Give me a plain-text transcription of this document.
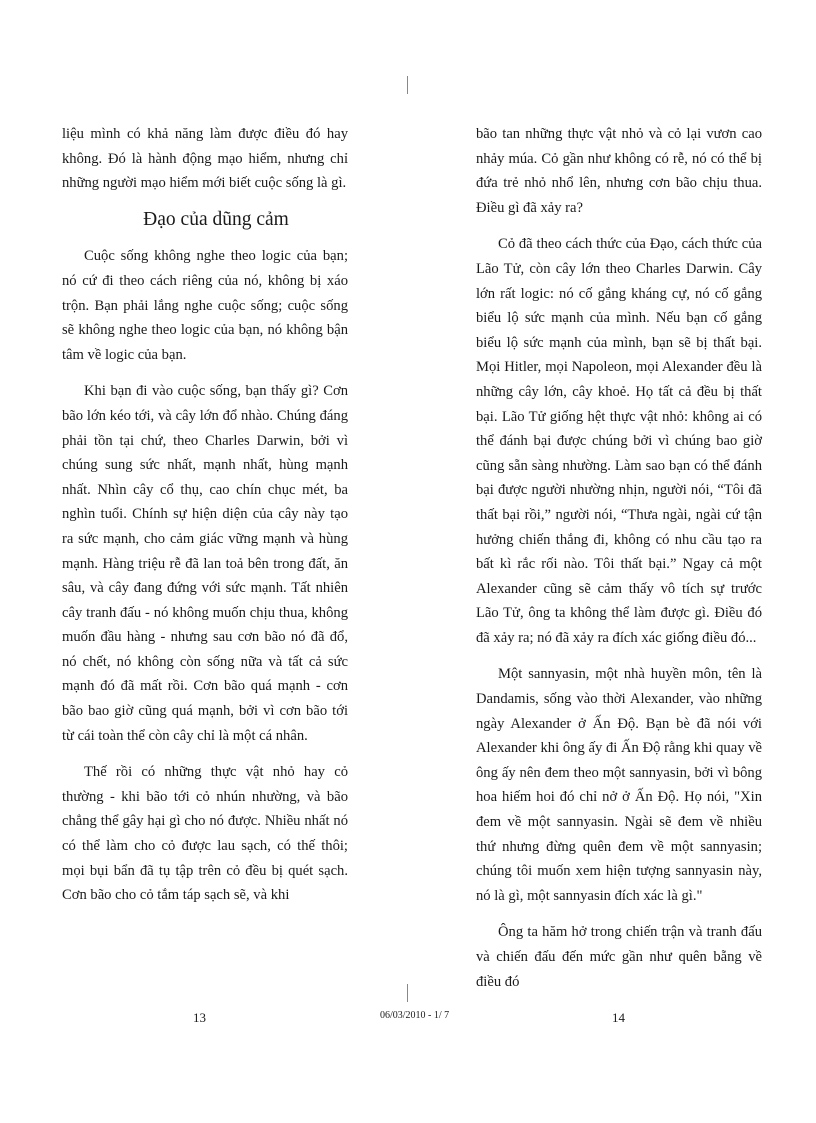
liệu mình có khả năng làm được điều đó hay không. Đó là hành động mạo hiểm, nhưng chỉ những người mạo hiểm mới biết cuộc sống là gì.

Đạo của dũng cảm

Cuộc sống không nghe theo logic của bạn; nó cứ đi theo cách riêng của nó, không bị xáo trộn. Bạn phải lắng nghe cuộc sống; cuộc sống sẽ không nghe theo logic của bạn, nó không bận tâm về logic của bạn.

Khi bạn đi vào cuộc sống, bạn thấy gì? Cơn bão lớn kéo tới, và cây lớn đổ nhào. Chúng đáng phải tồn tại chứ, theo Charles Darwin, bởi vì chúng sung sức nhất, mạnh nhất, hùng mạnh nhất. Nhìn cây cổ thụ, cao chín chục mét, ba nghìn tuổi. Chính sự hiện diện của cây này tạo ra sức mạnh, cho cảm giác vững mạnh và hùng mạnh. Hàng triệu rễ đã lan toả bên trong đất, ăn sâu, và cây đang đứng với sức mạnh. Tất nhiên cây tranh đấu - nó không muốn chịu thua, không muốn đầu hàng - nhưng sau cơn bão nó đã đổ, nó chết, nó không còn sống nữa và tất cả sức mạnh đó đã mất rồi. Cơn bão quá mạnh - cơn bão bao giờ cũng quá mạnh, bởi vì cơn bão tới từ cái toàn thể còn cây chỉ là một cá nhân.

Thế rồi có những thực vật nhỏ hay cỏ thường - khi bão tới cỏ nhún nhường, và bão chẳng thể gây hại gì cho nó được. Nhiều nhất nó có thể làm cho cỏ được lau sạch, có thế thôi; mọi bụi bẩn đã tụ tập trên cỏ đều bị quét sạch. Cơn bão cho cỏ tắm táp sạch sẽ, và khi

bão tan những thực vật nhỏ và cỏ lại vươn cao nhảy múa. Cỏ gần như không có rễ, nó có thể bị đứa trẻ nhỏ nhổ lên, nhưng cơn bão chịu thua. Điều gì đã xảy ra?

Cỏ đã theo cách thức của Đạo, cách thức của Lão Tử, còn cây lớn theo Charles Darwin. Cây lớn rất logic: nó cố gắng kháng cự, nó cố gắng biểu lộ sức mạnh của mình. Nếu bạn cố gắng biểu lộ sức mạnh của mình, bạn sẽ bị thất bại. Mọi Hitler, mọi Napoleon, mọi Alexander đều là những cây lớn, cây khoẻ. Họ tất cả đều bị thất bại. Lão Tử giống hệt thực vật nhỏ: không ai có thể đánh bại được chúng bởi vì chúng bao giờ cũng sẵn sàng nhường. Làm sao bạn có thể đánh bại được người nhường nhịn, người nói, “Tôi đã thất bại rồi,” người nói, “Thưa ngài, ngài cứ tận hưởng chiến thắng đi, không có nhu cầu tạo ra bất kì rắc rối nào. Tôi thất bại.” Ngay cả một Alexander cũng sẽ cảm thấy vô tích sự trước Lão Tử, ông ta không thể làm được gì. Điều đó đã xảy ra; nó đã xảy ra đích xác giống điều đó...

Một sannyasin, một nhà huyền môn, tên là Dandamis, sống vào thời Alexander, vào những ngày Alexander ở Ấn Độ. Bạn bè đã nói với Alexander khi ông ấy đi Ấn Độ rằng khi quay về ông ấy nên đem theo một sannyasin, bởi vì bông hoa hiếm hoi đó chỉ nở ở Ấn Độ. Họ nói, "Xin đem về một sannyasin. Ngài sẽ đem về nhiều thứ nhưng đừng quên đem về một sannyasin; chúng tôi muốn xem hiện tượng sannyasin này, nó là gì, một sannyasin đích xác là gì."

Ông ta hăm hở trong chiến trận và tranh đấu và chiến đấu đến mức gần như quên bẵng về điều đó

13	06/03/2010 - 1/ 7	14
